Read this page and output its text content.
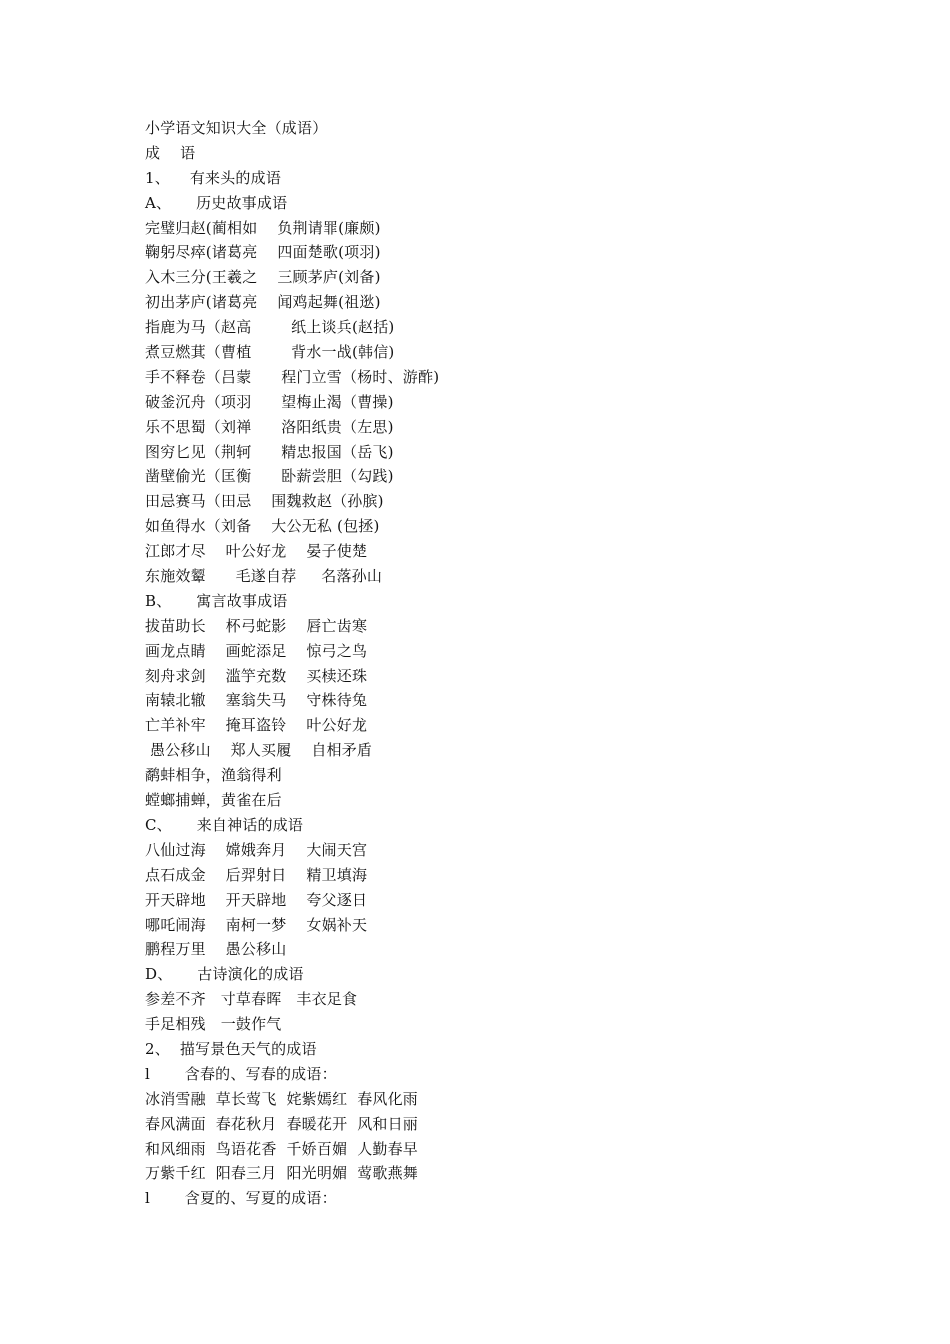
小学语文知识大全（成语）
成    语
1、    有来头的成语
A、     历史故事成语
完璧归赵(蔺相如    负荆请罪(廉颇)
鞠躬尽瘁(诸葛亮    四面楚歌(项羽)
入木三分(王羲之    三顾茅庐(刘备)
初出茅庐(诸葛亮    闻鸡起舞(祖逖)
指鹿为马（赵高        纸上谈兵(赵括)
煮豆燃萁（曹植        背水一战(韩信)
手不释卷（吕蒙      程门立雪（杨时、游酢)
破釜沉舟（项羽      望梅止渴（曹操)
乐不思蜀（刘禅      洛阳纸贵（左思)
图穷匕见（荆轲      精忠报国（岳飞)
凿壁偷光（匡衡      卧薪尝胆（勾践)
田忌赛马（田忌    围魏救赵（孙膑)
如鱼得水（刘备    大公无私 (包拯)
江郎才尽    叶公好龙    晏子使楚
东施效颦      毛遂自荐     名落孙山
B、     寓言故事成语
拔苗助长    杯弓蛇影    唇亡齿寒
画龙点睛    画蛇添足    惊弓之鸟
刻舟求剑    滥竽充数    买椟还珠
南辕北辙    塞翁失马    守株待兔
亡羊补牢    掩耳盗铃    叶公好龙
愚公移山    郑人买履    自相矛盾
鹬蚌相争，渔翁得利
螳螂捕蝉，黄雀在后
C、     来自神话的成语
八仙过海    嫦娥奔月    大闹天宫
点石成金    后羿射日    精卫填海
开天辟地    开天辟地    夸父逐日
哪吒闹海    南柯一梦    女娲补天
鹏程万里    愚公移山
D、     古诗演化的成语
参差不齐   寸草春晖   丰衣足食
手足相残   一鼓作气
2、  描写景色天气的成语
l       含春的、写春的成语：
冰消雪融  草长莺飞  姹紫嫣红  春风化雨
春风满面  春花秋月  春暖花开  风和日丽
和风细雨  鸟语花香  千娇百媚  人勤春早
万紫千红  阳春三月  阳光明媚  莺歌燕舞
l       含夏的、写夏的成语：
